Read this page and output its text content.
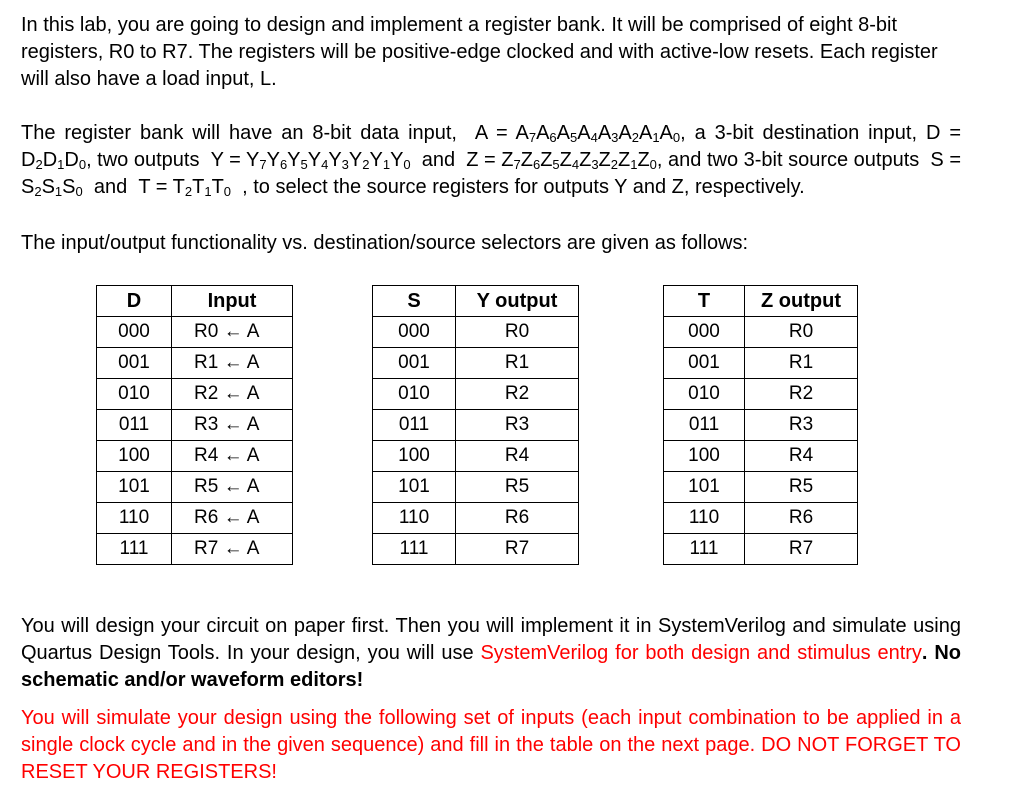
In this lab, you are going to design and implement a register bank. It will be comprised of eight 8-bit registers, R0 to R7. The registers will be positive-edge clocked and with active-low resets. Each register will also have a load input, L.

The register bank will have an 8-bit data input, $A = A_7A_6A_5A_4A_3A_2A_1A_0$, a 3-bit destination input, $D = D_2D_1D_0$, two outputs $Y = Y_7Y_6Y_5Y_4Y_3Y_2Y_1Y_0$ and $Z = Z_7Z_6Z_5Z_4Z_3Z_2Z_1Z_0$, and two 3-bit source outputs $S = S_2S_1S_0$ and $T = T_2T_1T_0$ , to select the source registers for outputs Y and Z, respectively.

The input/output functionality vs. destination/source selectors are given as follows:

D	Input
000	R0 ← A
001	R1 ← A
010	R2 ← A
011	R3 ← A
100	R4 ← A
101	R5 ← A
110	R6 ← A
111	R7 ← A
S	Y output
000	R0
001	R1
010	R2
011	R3
100	R4
101	R5
110	R6
111	R7
T	Z output
000	R0
001	R1
010	R2
011	R3
100	R4
101	R5
110	R6
111	R7

You will design your circuit on paper first. Then you will implement it in SystemVerilog and simulate using Quartus Design Tools. In your design, you will use SystemVerilog for both design and stimulus entry. No schematic and/or waveform editors!

You will simulate your design using the following set of inputs (each input combination to be applied in a single clock cycle and in the given sequence) and fill in the table on the next page. DO NOT FORGET TO RESET YOUR REGISTERS!
